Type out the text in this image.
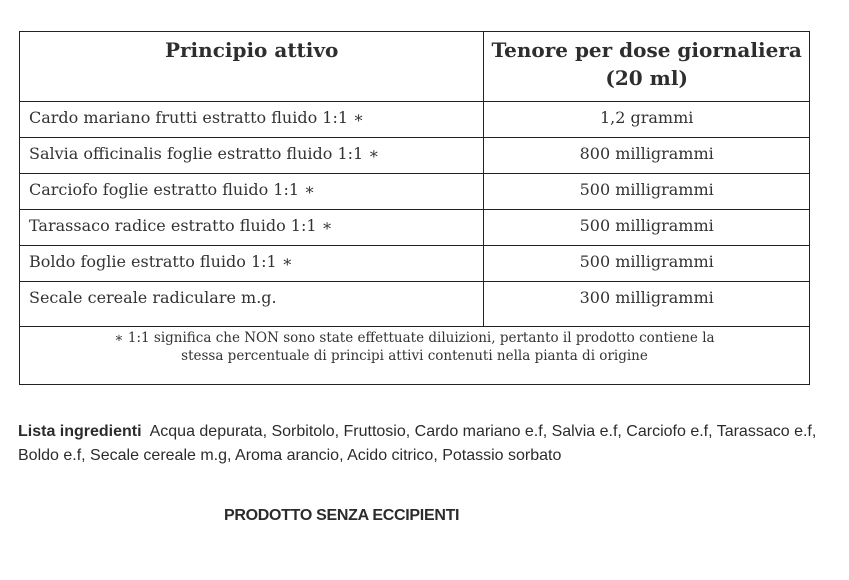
Principio attivo	Tenore per dose giornaliera
(20 ml)
Cardo mariano frutti estratto fluido 1:1 ∗	1,2 grammi
Salvia officinalis foglie estratto fluido 1:1 ∗	800 milligrammi
Carciofo foglie estratto fluido 1:1 ∗	500 milligrammi
Tarassaco radice estratto fluido 1:1 ∗	500 milligrammi
Boldo foglie estratto fluido 1:1 ∗	500 milligrammi
Secale cereale radiculare m.g.	300 milligrammi

∗ 1:1 significa che NON sono state effettuate diluizioni, pertanto il prodotto contiene la
stessa percentuale di principi attivi contenuti nella pianta di origine	
Lista ingredienti Acqua depurata, Sorbitolo, Fruttosio, Cardo mariano e.f, Salvia e.f, Carciofo e.f, Tarassaco e.f, Boldo e.f, Secale cereale m.g, Aroma arancio, Acido citrico, Potassio sorbato
PRODOTTO SENZA ECCIPIENTI
